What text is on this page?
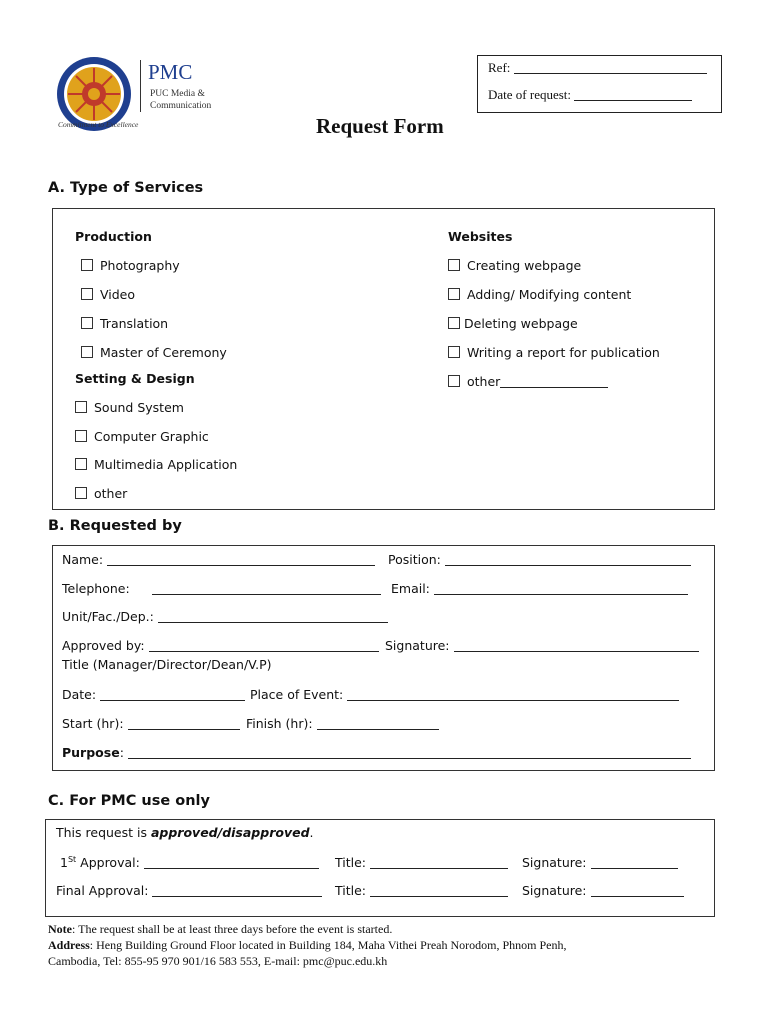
PMC
PUC Media &
Communication
Commitment to Excellence
Ref:
Date of request:
Request Form
A. Type of Services
Production
Photography
Video
Translation
Master of Ceremony
Setting & Design
Sound System
Computer Graphic
Multimedia Application
other
Websites
Creating webpage
Adding/ Modifying content
Deleting webpage
Writing a report for publication
other
B. Requested by
Name:	Position:
Telephone:	Email:
Unit/Fac./Dep.:
Approved by:	Signature:
Title (Manager/Director/Dean/V.P)
Date:	Place of Event:
Start (hr):	Finish (hr):
Purpose:
C. For PMC use only
This request is approved/disapproved.
1St Approval:	Title:	Signature:
Final Approval:	Title:	Signature:
Note: The request shall be at least three days before the event is started.
Address: Heng Building Ground Floor located in Building 184, Maha Vithei Preah Norodom, Phnom Penh,
Cambodia, Tel: 855-95 970 901/16 583 553, E-mail: pmc@puc.edu.kh
